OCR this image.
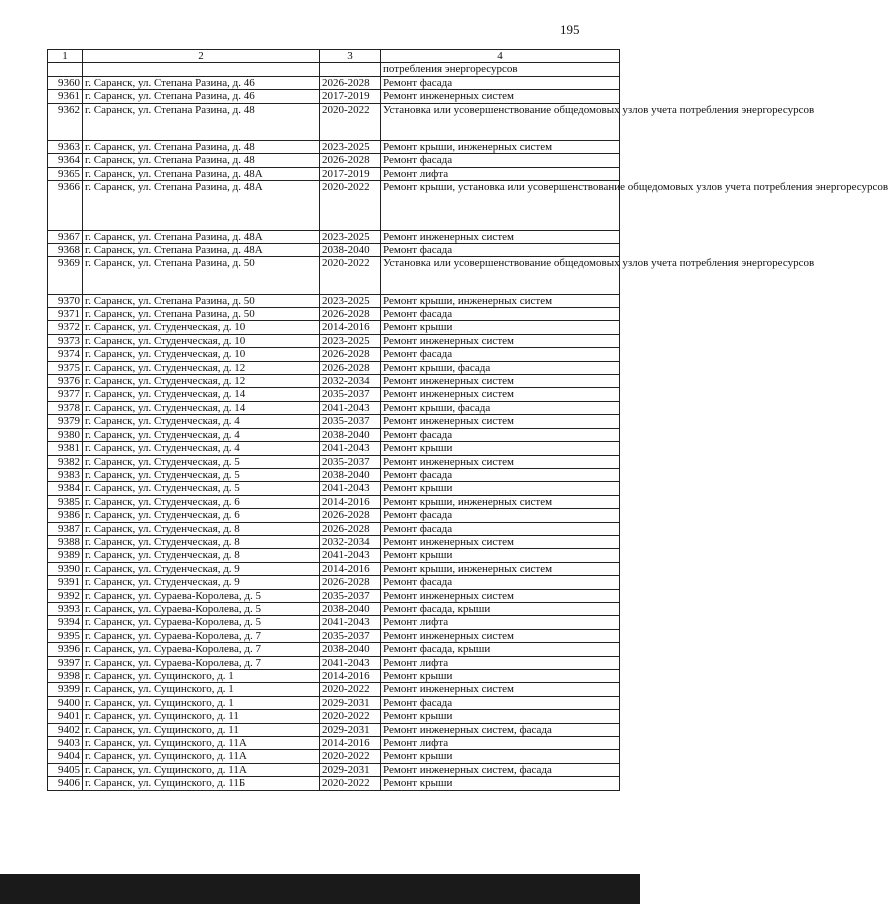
195
1	2	3	4
			потребления энергоресурсов
9360	г. Саранск, ул. Степана Разина, д. 46	2026-2028	Ремонт фасада
9361	г. Саранск, ул. Степана Разина, д. 46	2017-2019	Ремонт инженерных систем
9362	г. Саранск, ул. Степана Разина, д. 48	2020-2022	Установка или усовершенствование общедомовых узлов учета потребления энергоресурсов
9363	г. Саранск, ул. Степана Разина, д. 48	2023-2025	Ремонт крыши, инженерных систем
9364	г. Саранск, ул. Степана Разина, д. 48	2026-2028	Ремонт фасада
9365	г. Саранск, ул. Степана Разина, д. 48А	2017-2019	Ремонт лифта
9366	г. Саранск, ул. Степана Разина, д. 48А	2020-2022	Ремонт крыши, установка или усовершенствование общедомовых узлов учета потребления энергоресурсов
9367	г. Саранск, ул. Степана Разина, д. 48А	2023-2025	Ремонт инженерных систем
9368	г. Саранск, ул. Степана Разина, д. 48А	2038-2040	Ремонт фасада
9369	г. Саранск, ул. Степана Разина, д. 50	2020-2022	Установка или усовершенствование общедомовых узлов учета потребления энергоресурсов
9370	г. Саранск, ул. Степана Разина, д. 50	2023-2025	Ремонт крыши, инженерных систем
9371	г. Саранск, ул. Степана Разина, д. 50	2026-2028	Ремонт фасада
9372	г. Саранск, ул. Студенческая, д. 10	2014-2016	Ремонт крыши
9373	г. Саранск, ул. Студенческая, д. 10	2023-2025	Ремонт инженерных систем
9374	г. Саранск, ул. Студенческая, д. 10	2026-2028	Ремонт фасада
9375	г. Саранск, ул. Студенческая, д. 12	2026-2028	Ремонт крыши, фасада
9376	г. Саранск, ул. Студенческая, д. 12	2032-2034	Ремонт инженерных систем
9377	г. Саранск, ул. Студенческая, д. 14	2035-2037	Ремонт инженерных систем
9378	г. Саранск, ул. Студенческая, д. 14	2041-2043	Ремонт крыши, фасада
9379	г. Саранск, ул. Студенческая, д. 4	2035-2037	Ремонт инженерных систем
9380	г. Саранск, ул. Студенческая, д. 4	2038-2040	Ремонт фасада
9381	г. Саранск, ул. Студенческая, д. 4	2041-2043	Ремонт крыши
9382	г. Саранск, ул. Студенческая, д. 5	2035-2037	Ремонт инженерных систем
9383	г. Саранск, ул. Студенческая, д. 5	2038-2040	Ремонт фасада
9384	г. Саранск, ул. Студенческая, д. 5	2041-2043	Ремонт крыши
9385	г. Саранск, ул. Студенческая, д. 6	2014-2016	Ремонт крыши, инженерных систем
9386	г. Саранск, ул. Студенческая, д. 6	2026-2028	Ремонт фасада
9387	г. Саранск, ул. Студенческая, д. 8	2026-2028	Ремонт фасада
9388	г. Саранск, ул. Студенческая, д. 8	2032-2034	Ремонт инженерных систем
9389	г. Саранск, ул. Студенческая, д. 8	2041-2043	Ремонт крыши
9390	г. Саранск, ул. Студенческая, д. 9	2014-2016	Ремонт крыши, инженерных систем
9391	г. Саранск, ул. Студенческая, д. 9	2026-2028	Ремонт фасада
9392	г. Саранск, ул. Сураева-Королева, д. 5	2035-2037	Ремонт инженерных систем
9393	г. Саранск, ул. Сураева-Королева, д. 5	2038-2040	Ремонт фасада, крыши
9394	г. Саранск, ул. Сураева-Королева, д. 5	2041-2043	Ремонт лифта
9395	г. Саранск, ул. Сураева-Королева, д. 7	2035-2037	Ремонт инженерных систем
9396	г. Саранск, ул. Сураева-Королева, д. 7	2038-2040	Ремонт фасада, крыши
9397	г. Саранск, ул. Сураева-Королева, д. 7	2041-2043	Ремонт лифта
9398	г. Саранск, ул. Сущинского, д. 1	2014-2016	Ремонт крыши
9399	г. Саранск, ул. Сущинского, д. 1	2020-2022	Ремонт инженерных систем
9400	г. Саранск, ул. Сущинского, д. 1	2029-2031	Ремонт фасада
9401	г. Саранск, ул. Сущинского, д. 11	2020-2022	Ремонт крыши
9402	г. Саранск, ул. Сущинского, д. 11	2029-2031	Ремонт инженерных систем, фасада
9403	г. Саранск, ул. Сущинского, д. 11А	2014-2016	Ремонт лифта
9404	г. Саранск, ул. Сущинского, д. 11А	2020-2022	Ремонт крыши
9405	г. Саранск, ул. Сущинского, д. 11А	2029-2031	Ремонт инженерных систем, фасада
9406	г. Саранск, ул. Сущинского, д. 11Б	2020-2022	Ремонт крыши
